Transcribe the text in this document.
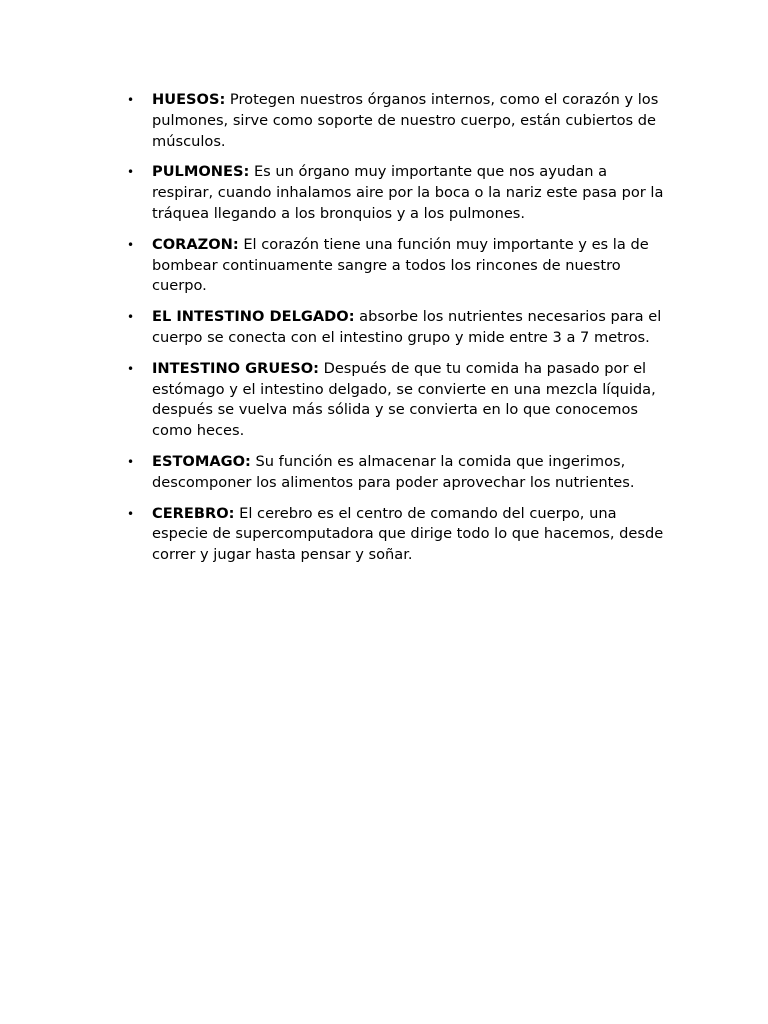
• HUESOS: Protegen nuestros órganos internos, como el corazón y los pulmones, sirve como soporte de nuestro cuerpo, están cubiertos de músculos.
• PULMONES: Es un órgano muy importante que nos ayudan a respirar, cuando inhalamos aire por la boca o la nariz este pasa por la tráquea llegando a los bronquios y a los pulmones.
• CORAZON: El corazón tiene una función muy importante y es la de bombear continuamente sangre a todos los rincones de nuestro cuerpo.
• EL INTESTINO DELGADO: absorbe los nutrientes necesarios para el cuerpo se conecta con el intestino grupo y mide entre 3 a 7 metros.
• INTESTINO GRUESO: Después de que tu comida ha pasado por el estómago y el intestino delgado, se convierte en una mezcla líquida, después se vuelva más sólida y se convierta en lo que conocemos como heces.
• ESTOMAGO: Su función es almacenar la comida que ingerimos, descomponer los alimentos para poder aprovechar los nutrientes.
• CEREBRO: El cerebro es el centro de comando del cuerpo, una especie de supercomputadora que dirige todo lo que hacemos, desde correr y jugar hasta pensar y soñar.
